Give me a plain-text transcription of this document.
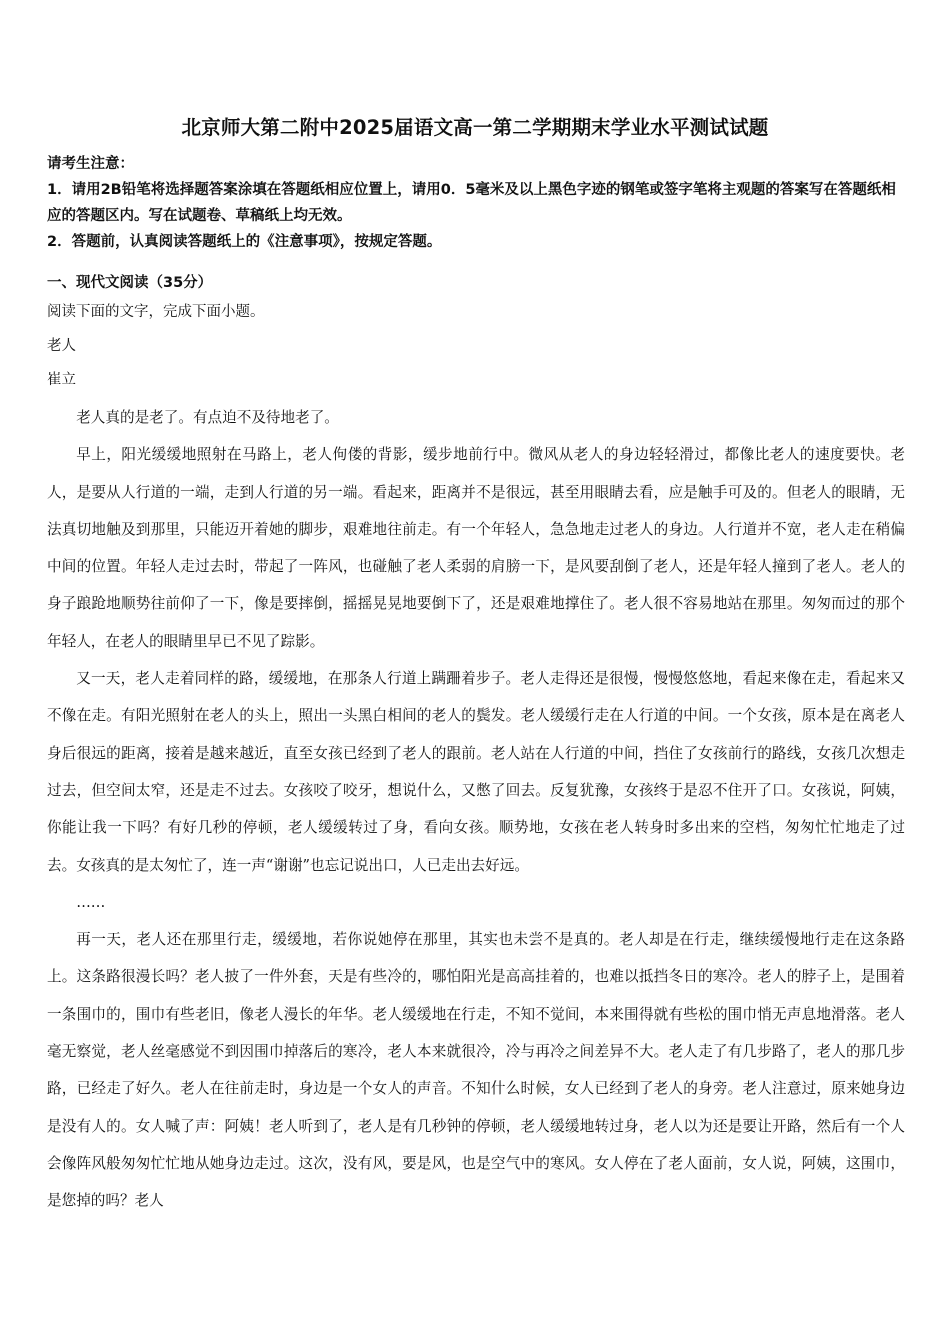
北京师大第二附中2025届语文高一第二学期期末学业水平测试试题

请考生注意：

1．请用2B铅笔将选择题答案涂填在答题纸相应位置上，请用0．5毫米及以上黑色字迹的钢笔或签字笔将主观题的答案写在答题纸相应的答题区内。写在试题卷、草稿纸上均无效。

2．答题前，认真阅读答题纸上的《注意事项》，按规定答题。

一、现代文阅读（35分）
阅读下面的文字，完成下面小题。
老人
崔立

老人真的是老了。有点迫不及待地老了。

早上，阳光缓缓地照射在马路上，老人佝偻的背影，缓步地前行中。微风从老人的身边轻轻滑过，都像比老人的速度要快。老人，是要从人行道的一端，走到人行道的另一端。看起来，距离并不是很远，甚至用眼睛去看，应是触手可及的。但老人的眼睛，无法真切地触及到那里，只能迈开着她的脚步，艰难地往前走。有一个年轻人，急急地走过老人的身边。人行道并不宽，老人走在稍偏中间的位置。年轻人走过去时，带起了一阵风，也碰触了老人柔弱的肩膀一下，是风要刮倒了老人，还是年轻人撞到了老人。老人的身子踉跄地顺势往前仰了一下，像是要摔倒，摇摇晃晃地要倒下了，还是艰难地撑住了。老人很不容易地站在那里。匆匆而过的那个年轻人，在老人的眼睛里早已不见了踪影。

又一天，老人走着同样的路，缓缓地，在那条人行道上蹒跚着步子。老人走得还是很慢，慢慢悠悠地，看起来像在走，看起来又不像在走。有阳光照射在老人的头上，照出一头黑白相间的老人的鬓发。老人缓缓行走在人行道的中间。一个女孩，原本是在离老人身后很远的距离，接着是越来越近，直至女孩已经到了老人的跟前。老人站在人行道的中间，挡住了女孩前行的路线，女孩几次想走过去，但空间太窄，还是走不过去。女孩咬了咬牙，想说什么，又憋了回去。反复犹豫，女孩终于是忍不住开了口。女孩说，阿姨，你能让我一下吗？有好几秒的停顿，老人缓缓转过了身，看向女孩。顺势地，女孩在老人转身时多出来的空档，匆匆忙忙地走了过去。女孩真的是太匆忙了，连一声“谢谢”也忘记说出口，人已走出去好远。

……

再一天，老人还在那里行走，缓缓地，若你说她停在那里，其实也未尝不是真的。老人却是在行走，继续缓慢地行走在这条路上。这条路很漫长吗？老人披了一件外套，天是有些冷的，哪怕阳光是高高挂着的，也难以抵挡冬日的寒冷。老人的脖子上，是围着一条围巾的，围巾有些老旧，像老人漫长的年华。老人缓缓地在行走，不知不觉间，本来围得就有些松的围巾悄无声息地滑落。老人毫无察觉，老人丝毫感觉不到因围巾掉落后的寒冷，老人本来就很冷，冷与再冷之间差异不大。老人走了有几步路了，老人的那几步路，已经走了好久。老人在往前走时，身边是一个女人的声音。不知什么时候，女人已经到了老人的身旁。老人注意过，原来她身边是没有人的。女人喊了声：阿姨！老人听到了，老人是有几秒钟的停顿，老人缓缓地转过身，老人以为还是要让开路，然后有一个人会像阵风般匆匆忙忙地从她身边走过。这次，没有风，要是风，也是空气中的寒风。女人停在了老人面前，女人说，阿姨，这围巾，是您掉的吗？老人
